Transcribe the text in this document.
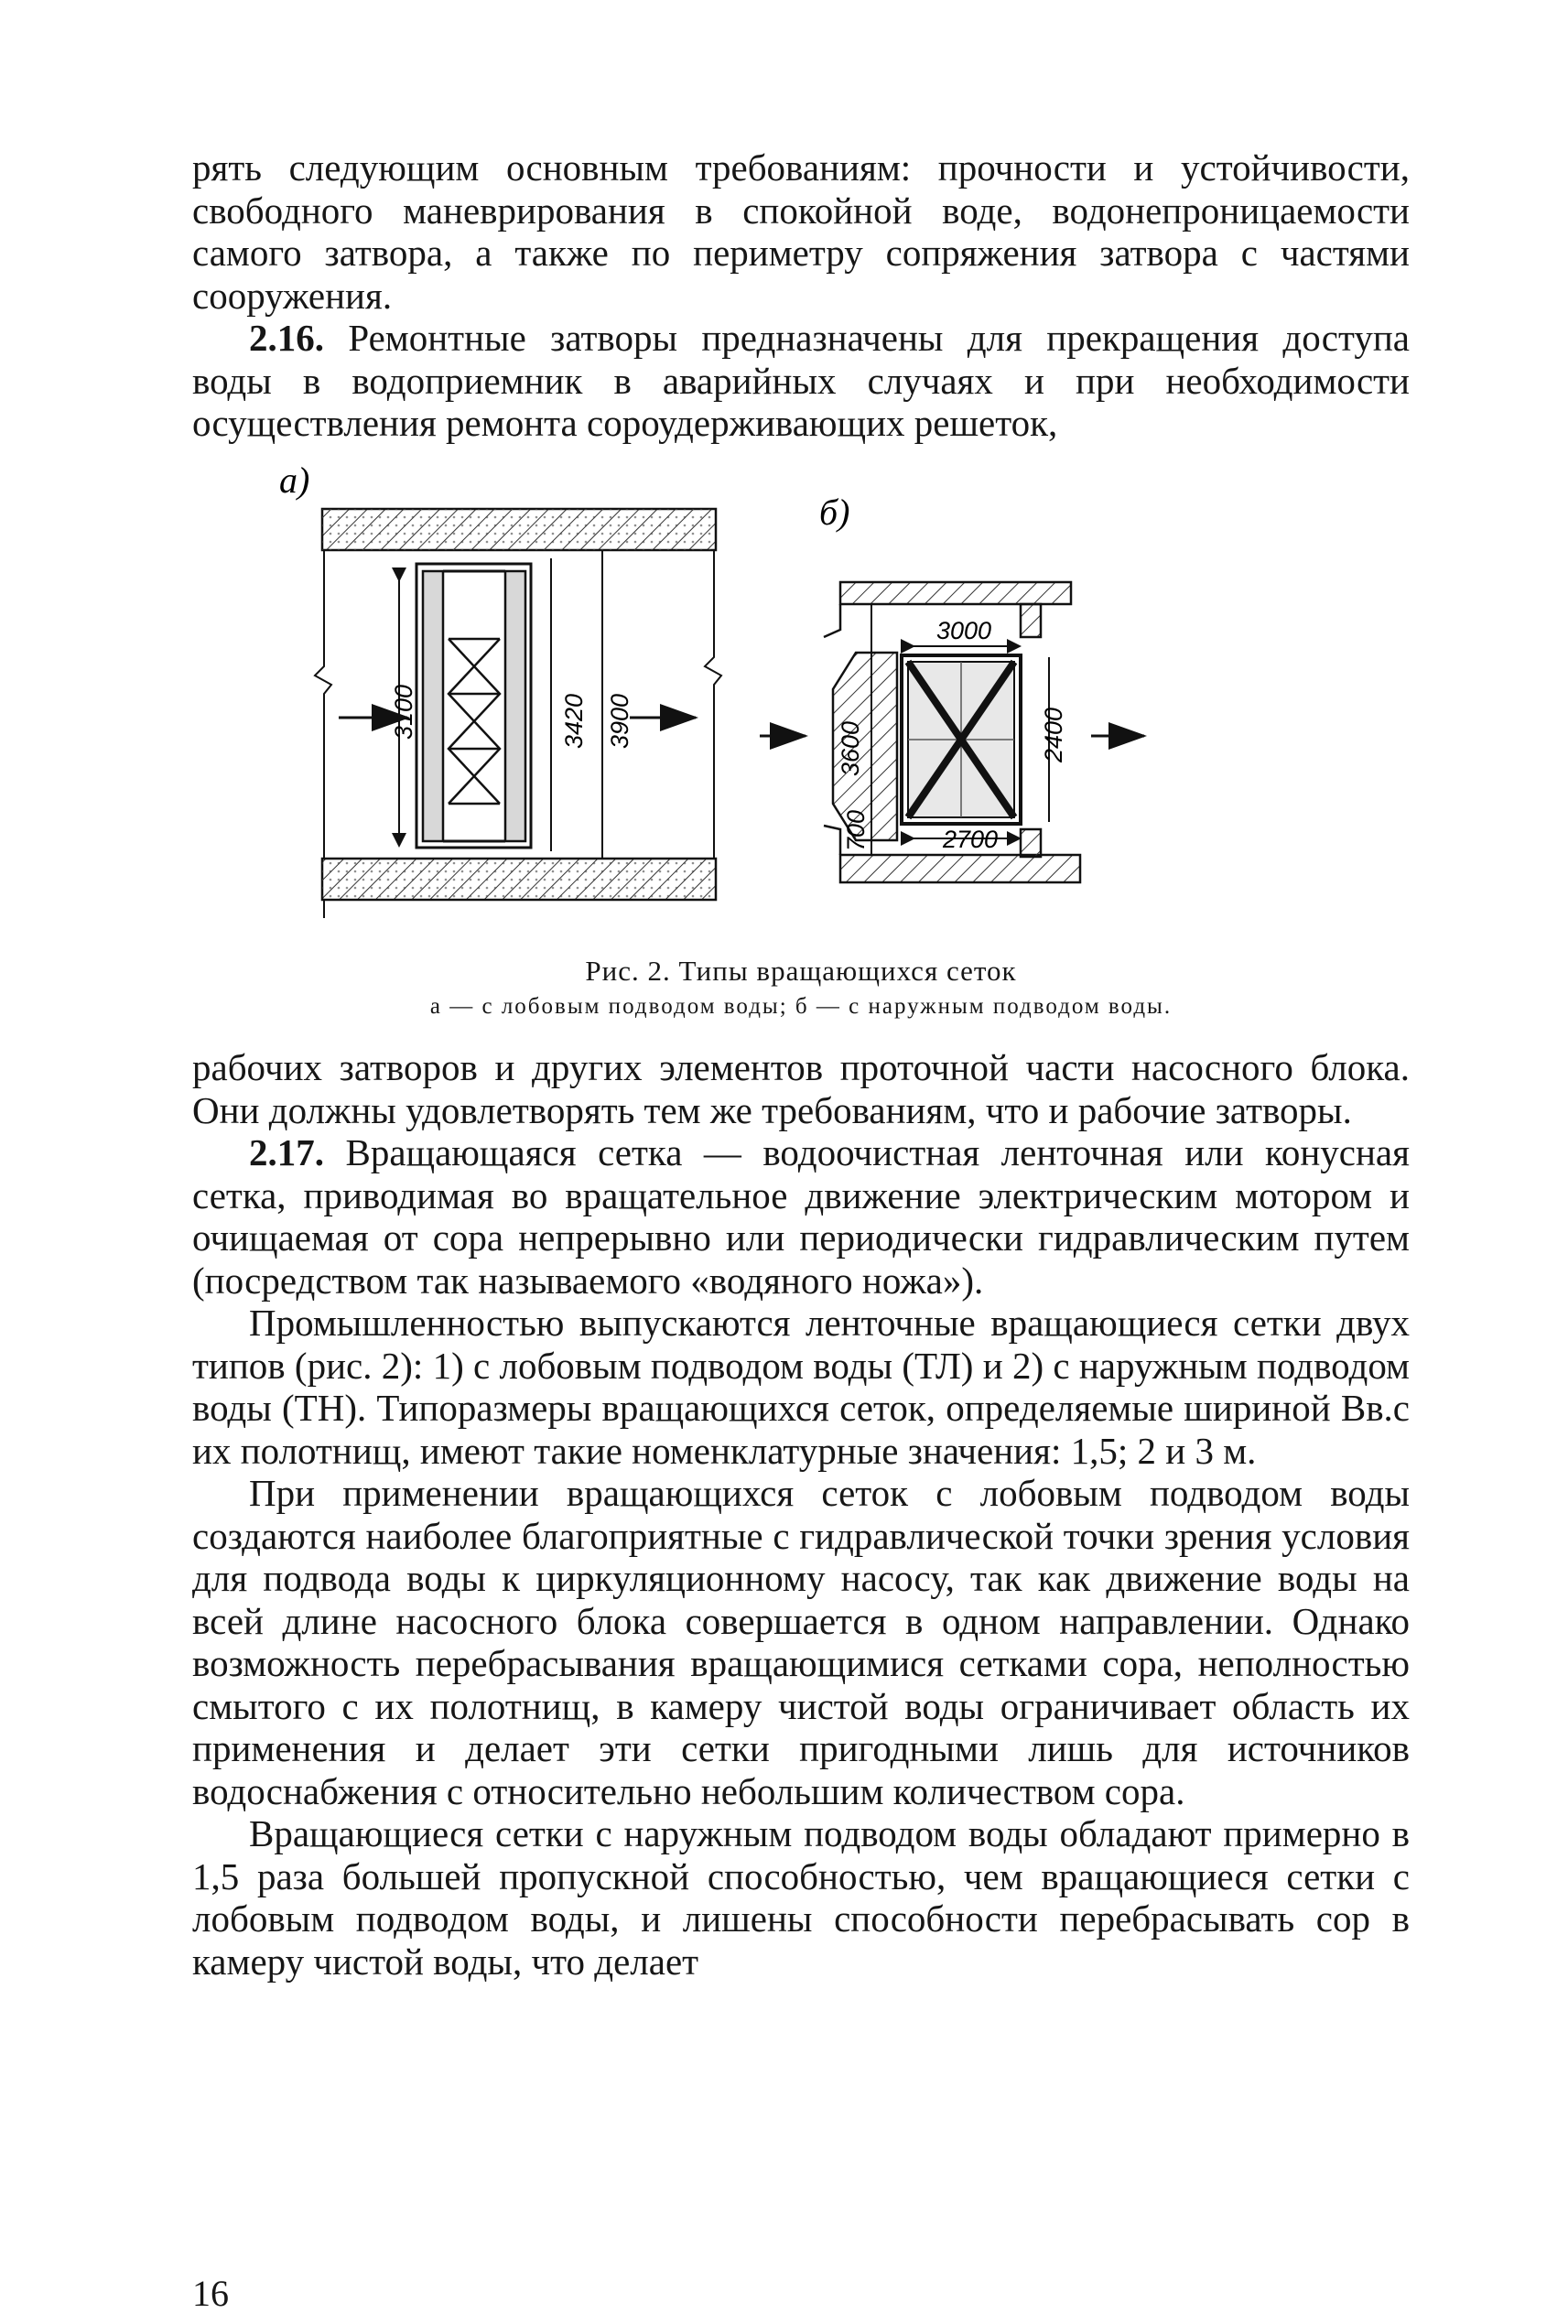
рять следующим основным требованиям: прочности и устойчивости, свободного маневрирования в спокойной воде, водонепроницаемости самого затвора, а также по периметру сопряжения затвора с частями сооружения.

2.16. Ремонтные затворы предназначены для прекращения доступа воды в водоприемник в аварийных случаях и при необходимости осуществления ремонта сороудерживающих решеток,

3100	3420 3900
а)
3000
3600	2400
2700
700
б)
Рис. 2. Типы вращающихся сеток
а — с лобовым подводом воды; б — с наружным подводом воды.

рабочих затворов и других элементов проточной части насосного блока. Они должны удовлетворять тем же требованиям, что и рабочие затворы.

2.17. Вращающаяся сетка — водоочистная ленточная или конусная сетка, приводимая во вращательное движение электрическим мотором и очищаемая от сора непрерывно или периодически гидравлическим путем (посредством так называемого «водяного ножа»).

Промышленностью выпускаются ленточные вращающиеся сетки двух типов (рис. 2): 1) с лобовым подводом воды (ТЛ) и 2) с наружным подводом воды (ТН). Типоразмеры вращающихся сеток, определяемые шириной Bв.с их полотнищ, имеют такие номенклатурные значения: 1,5; 2 и 3 м.

При применении вращающихся сеток с лобовым подводом воды создаются наиболее благоприятные с гидравлической точки зрения условия для подвода воды к циркуляционному насосу, так как движение воды на всей длине насосного блока совершается в одном направлении. Однако возможность перебрасывания вращающимися сетками сора, неполностью смытого с их полотнищ, в камеру чистой воды ограничивает область их применения и делает эти сетки пригодными лишь для источников водоснабжения с относительно небольшим количеством сора.

Вращающиеся сетки с наружным подводом воды обладают примерно в 1,5 раза большей пропускной способностью, чем вращающиеся сетки с лобовым подводом воды, и лишены способности перебрасывать сор в камеру чистой воды, что делает

16
